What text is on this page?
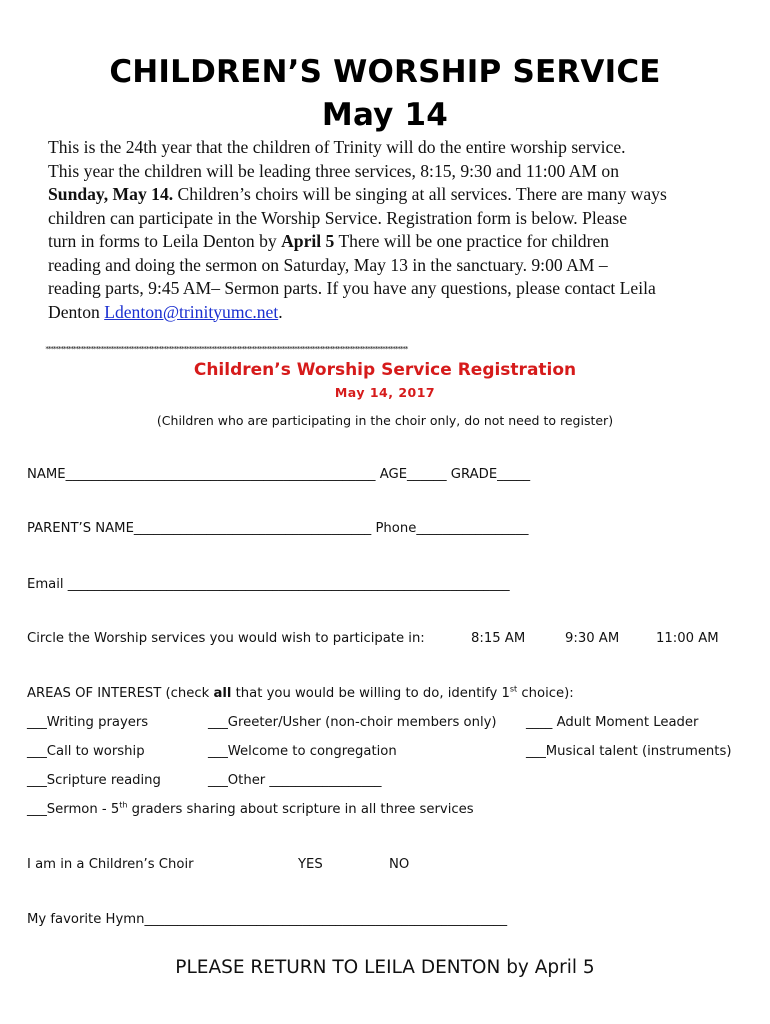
CHILDREN’S WORSHIP SERVICE
May 14
This is the 24th year that the children of Trinity will do the entire worship service.
This year the children will be leading three services, 8:15, 9:30 and 11:00 AM on
Sunday, May 14. Children’s choirs will be singing at all services. There are many ways
children can participate in the Worship Service. Registration form is below. Please
turn in forms to Leila Denton by April 5 There will be one practice for children
reading and doing the sermon on Saturday, May 13 in the sanctuary. 9:00 AM –
reading parts, 9:45 AM– Sermon parts. If you have any questions, please contact Leila
Denton Ldenton@trinityumc.net.
************************************************************************************************************************************************
Children’s Worship Service Registration
May 14, 2017
(Children who are participating in the choir only, do not need to register)
NAME_______________________________________________ AGE______ GRADE_____
PARENT’S NAME____________________________________ Phone_________________
Email ___________________________________________________________________
Circle the Worship services you would wish to participate in:	8:15 AM	9:30 AM	11:00 AM
AREAS OF INTEREST (check all that you would be willing to do, identify 1st choice):
___Writing prayers	___Greeter/Usher (non-choir members only) ____ Adult Moment Leader
___Call to worship	___Welcome to congregation	___Musical talent (instruments)
___Scripture reading	___Other _________________
___Sermon - 5th graders sharing about scripture in all three services
I am in a Children’s Choir	YES	NO
My favorite Hymn_______________________________________________________
PLEASE RETURN TO LEILA DENTON by April 5
